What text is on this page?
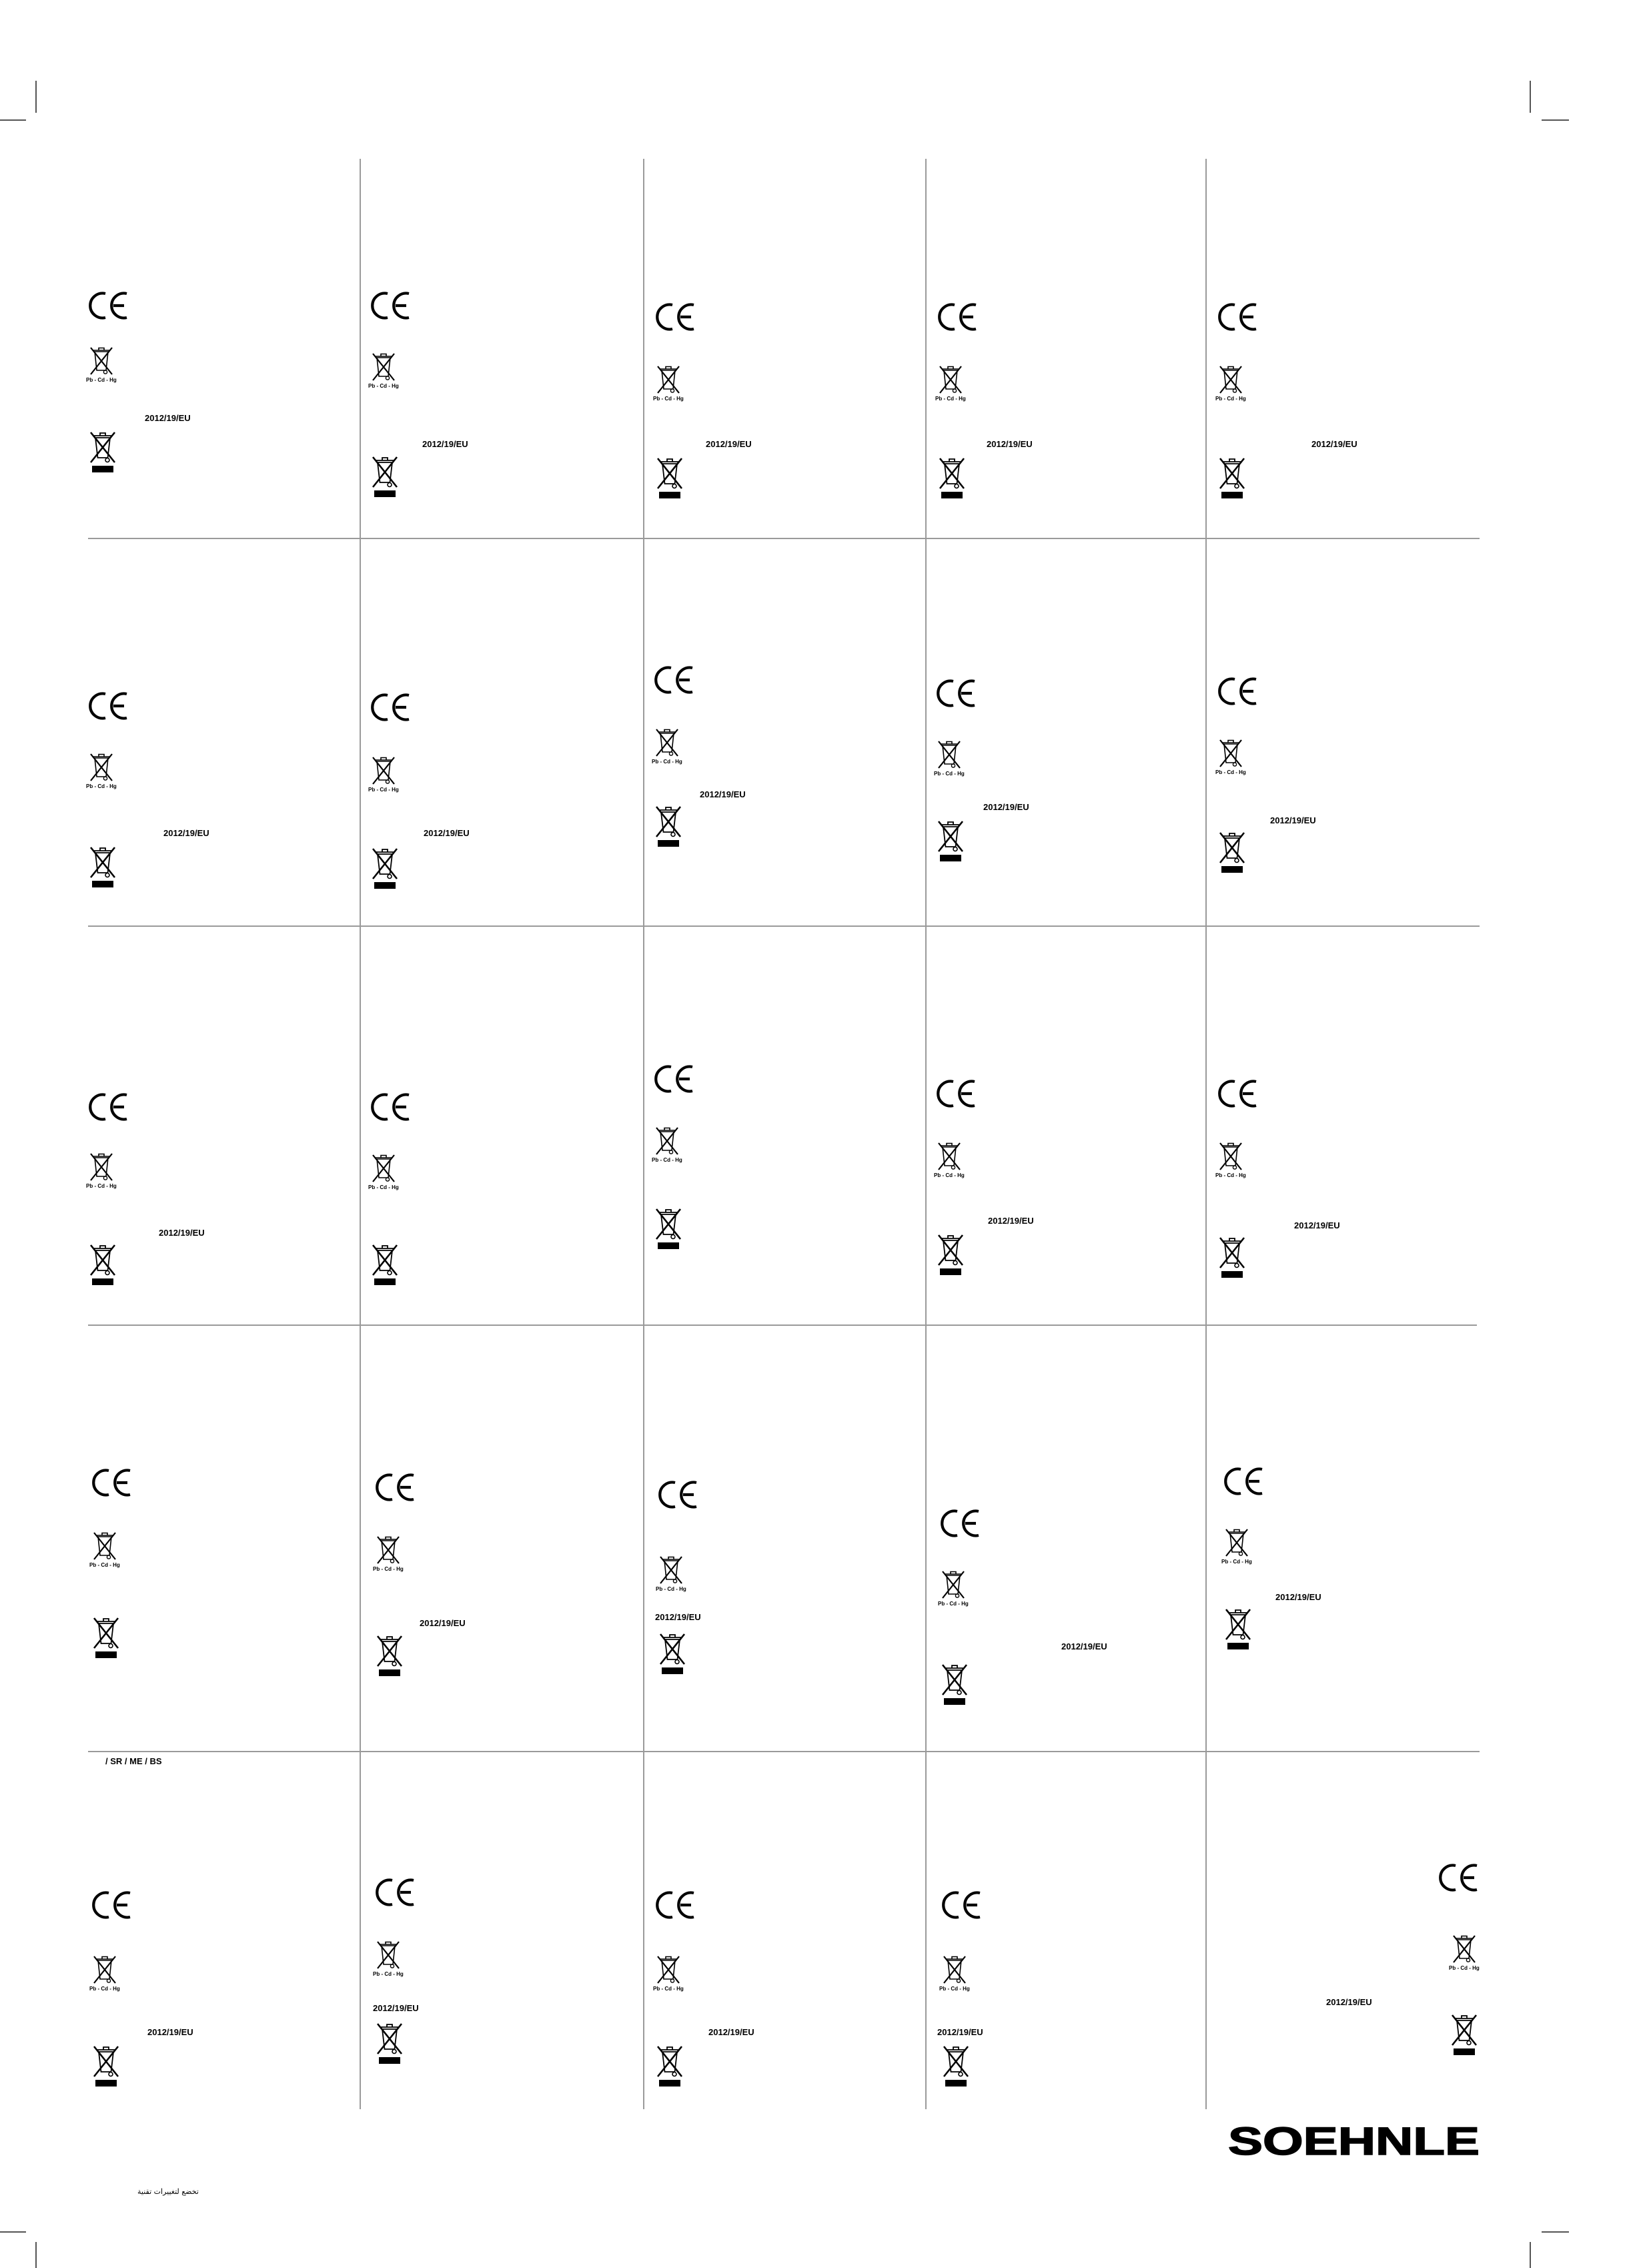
Pb - Cd - Hg
2012/19/EU
Pb - Cd - Hg
2012/19/EU
Pb - Cd - Hg
2012/19/EU
Pb - Cd - Hg
2012/19/EU
Pb - Cd - Hg
2012/19/EU
Pb - Cd - Hg
2012/19/EU
Pb - Cd - Hg
2012/19/EU
Pb - Cd - Hg
2012/19/EU
Pb - Cd - Hg
2012/19/EU
Pb - Cd - Hg
2012/19/EU
Pb - Cd - Hg
2012/19/EU
Pb - Cd - Hg
Pb - Cd - Hg
Pb - Cd - Hg
2012/19/EU
Pb - Cd - Hg
2012/19/EU
Pb - Cd - Hg
Pb - Cd - Hg
2012/19/EU
Pb - Cd - Hg
2012/19/EU
Pb - Cd - Hg
2012/19/EU
Pb - Cd - Hg
2012/19/EU
/ SR / ME / BS
Pb - Cd - Hg
2012/19/EU
Pb - Cd - Hg
2012/19/EU
Pb - Cd - Hg
2012/19/EU
Pb - Cd - Hg
2012/19/EU
Pb - Cd - Hg
2012/19/EU
SOEHNLE
تخضع لتغييرات تقنية
